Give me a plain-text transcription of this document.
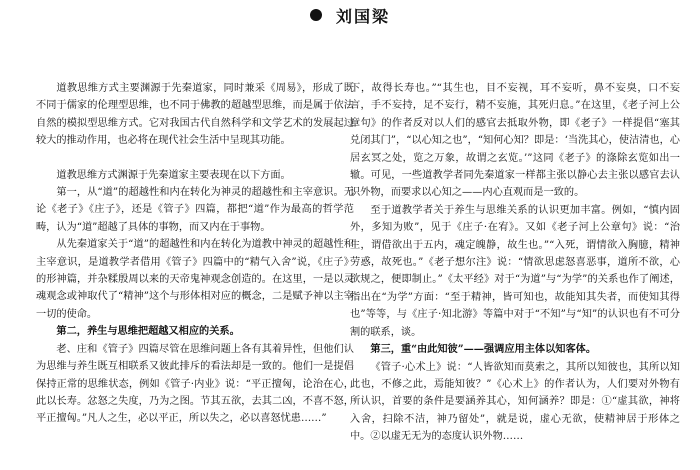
刘国梁

道教思维方式主要渊源于先秦道家，同时兼采《周易》，形成了既不同于儒家的伦理型思维，也不同于佛教的超越型思维，而是属于依法自然的模拟型思维方式。它对我国古代自然科学和文学艺术的发展起过较大的推动作用，也必将在现代社会生活中呈现其功能。

道教思维方式渊源于先秦道家主要表现在以下方面。

第一，从“道”的超越性和内在转化为神灵的超越性和主宰意识。无论《老子》《庄子》，还是《管子》四篇，都把“道”作为最高的哲学范畴，认为“道”超越了具体的事物，而又内在于事物。

从先秦道家关于“道”的超越性和内在转化为道教中神灵的超越性和主宰意识，是道教学者借用《管子》四篇中的“精气入舍”说，《庄子》的形神篇，并杂糅殷周以来的天帝鬼神观念创造的。在这里，一是以灵魂观念或神取代了“精神”这个与形体相对应的概念，二是赋予神以主宰一切的使命。

第二，养生与思维把超越又相应的关系。

老、庄和《管子》四篇尽管在思维问题上各有其着异性，但他们认为思维与养生既互相联系又彼此排斥的看法却是一致的。他们一是提倡保持正常的思维状态，例如《管子·内业》说：“平正擅匈，论治在心，此以长寿。忿怒之失度，乃为之图。节其五欲，去其二凶，不喜不怒，平正擅匈。”凡人之生，必以平正，所以失之，必以喜怒忧患……”

下，故得长寿也。”“其生也，目不妄视，耳不妄听，鼻不妄臭，口不妄言，手不妄持，足不妄行，精不妄施，其死归息。”在这里，《老子河上公章句》的作者反对以人们的感官去抵取外物，即《老子》一样提倡“塞其兑闭其门”，“以心知之也”，“知何心知？即是：‘当洗其心，使洁清也，心居玄冥之处，览之万象，故谓之玄览。’”这同《老子》的涤除玄览如出一辙。可见，一些道教学者同先秦道家一样都主张以静心去主张以感官去认识外物，而要求以心知之——内心直观而是一致的。

至于道教学者关于养生与思维关系的认识更加丰富。例如，“慎内固外，多知为败”，见于《庄子·在宥》。又如《老子河上公章句》说：“治生，谓借欲出于五内，魂定魄静，故生也。”“入死，谓情欲入胸臆，精神劳惑，故死也。”《老子想尔注》说：“情欲思虑怒喜恶事，道所不欲，心欲规之，便即制止。”《太平经》对于“为道”与“为学”的关系也作了阐述，指出在“为学”方面：“至于精神，皆可知也，故能知其失者，而使知其得也”等等，与《庄子·知北游》等篇中对于“不知”与“知”的认识也有不可分割的联系，谈。

第三，重“由此知彼”——强调应用主体以知客体。

《管子·心术上》说：“人皆欲知而莫索之，其所以知彼也，其所以知此也，不修之此，焉能知彼？”《心术上》的作者认为，人们要对外物有所认识，首要的条件是要涵养其心，知何涵养？即是：①“虚其欲，神将入舍，扫除不洁，神乃留处”，就是说，虚心无欲，使精神居于形体之中。②以虚无无为的态度认识外物……
